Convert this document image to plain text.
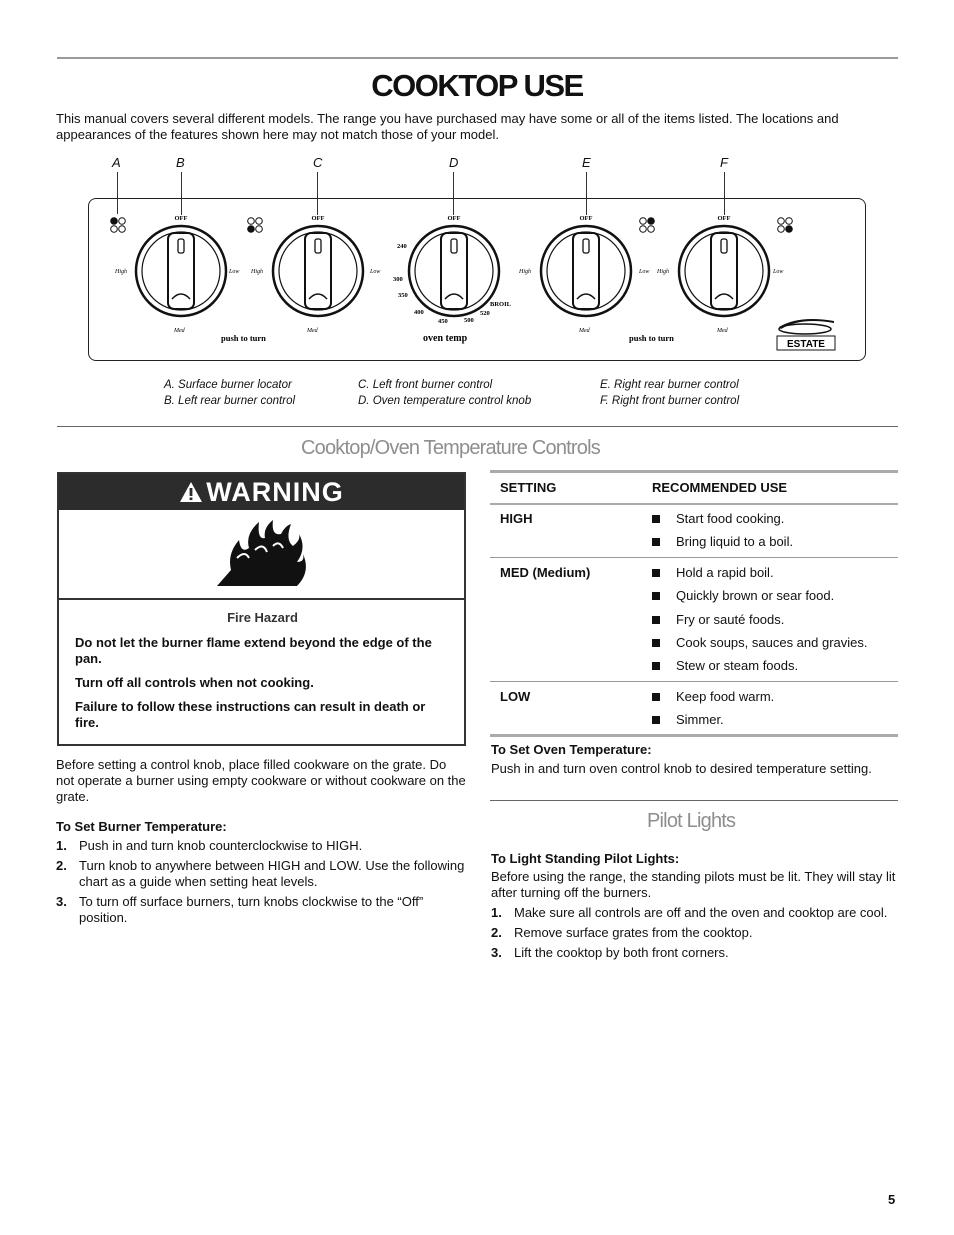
COOKTOP USE
This manual covers several different models. The range you have purchased may have some or all of the items listed. The locations and appearances of the features shown here may not match those of your model.
A	B	C	D	E	F
OFF	OFF	OFF	OFF	OFF
High	Low
Med
High	Low
Med
High	Low
Med
High	Low
Med
240
300
350
400
450	500
520
BROIL
push to turn	oven temp	push to turn
ESTATE
A. Surface burner locator
B. Left rear burner control
C. Left front burner control
D. Oven temperature control knob
E. Right rear burner control
F. Right front burner control
Cooktop/Oven Temperature Controls
WARNING

Fire Hazard

Do not let the burner flame extend beyond the edge of the pan.

Turn off all controls when not cooking.

Failure to follow these instructions can result in death or fire.

Before setting a control knob, place filled cookware on the grate. Do not operate a burner using empty cookware or without cookware on the grate.
To Set Burner Temperature:
1. Push in and turn knob counterclockwise to HIGH.
2. Turn knob to anywhere between HIGH and LOW. Use the following chart as a guide when setting heat levels.
3. To turn off surface burners, turn knobs clockwise to the “Off” position.
SETTING	RECOMMENDED USE
HIGH	Start food cooking.
Bring liquid to a boil.
MED (Medium)	Hold a rapid boil.
Quickly brown or sear food.
Fry or sauté foods.
Cook soups, sauces and gravies.
Stew or steam foods.
LOW	Keep food warm.
Simmer.
To Set Oven Temperature:
Push in and turn oven control knob to desired temperature setting.
Pilot Lights
To Light Standing Pilot Lights:
Before using the range, the standing pilots must be lit. They will stay lit after turning off the burners.
1. Make sure all controls are off and the oven and cooktop are cool.
2. Remove surface grates from the cooktop.
3. Lift the cooktop by both front corners.
5
